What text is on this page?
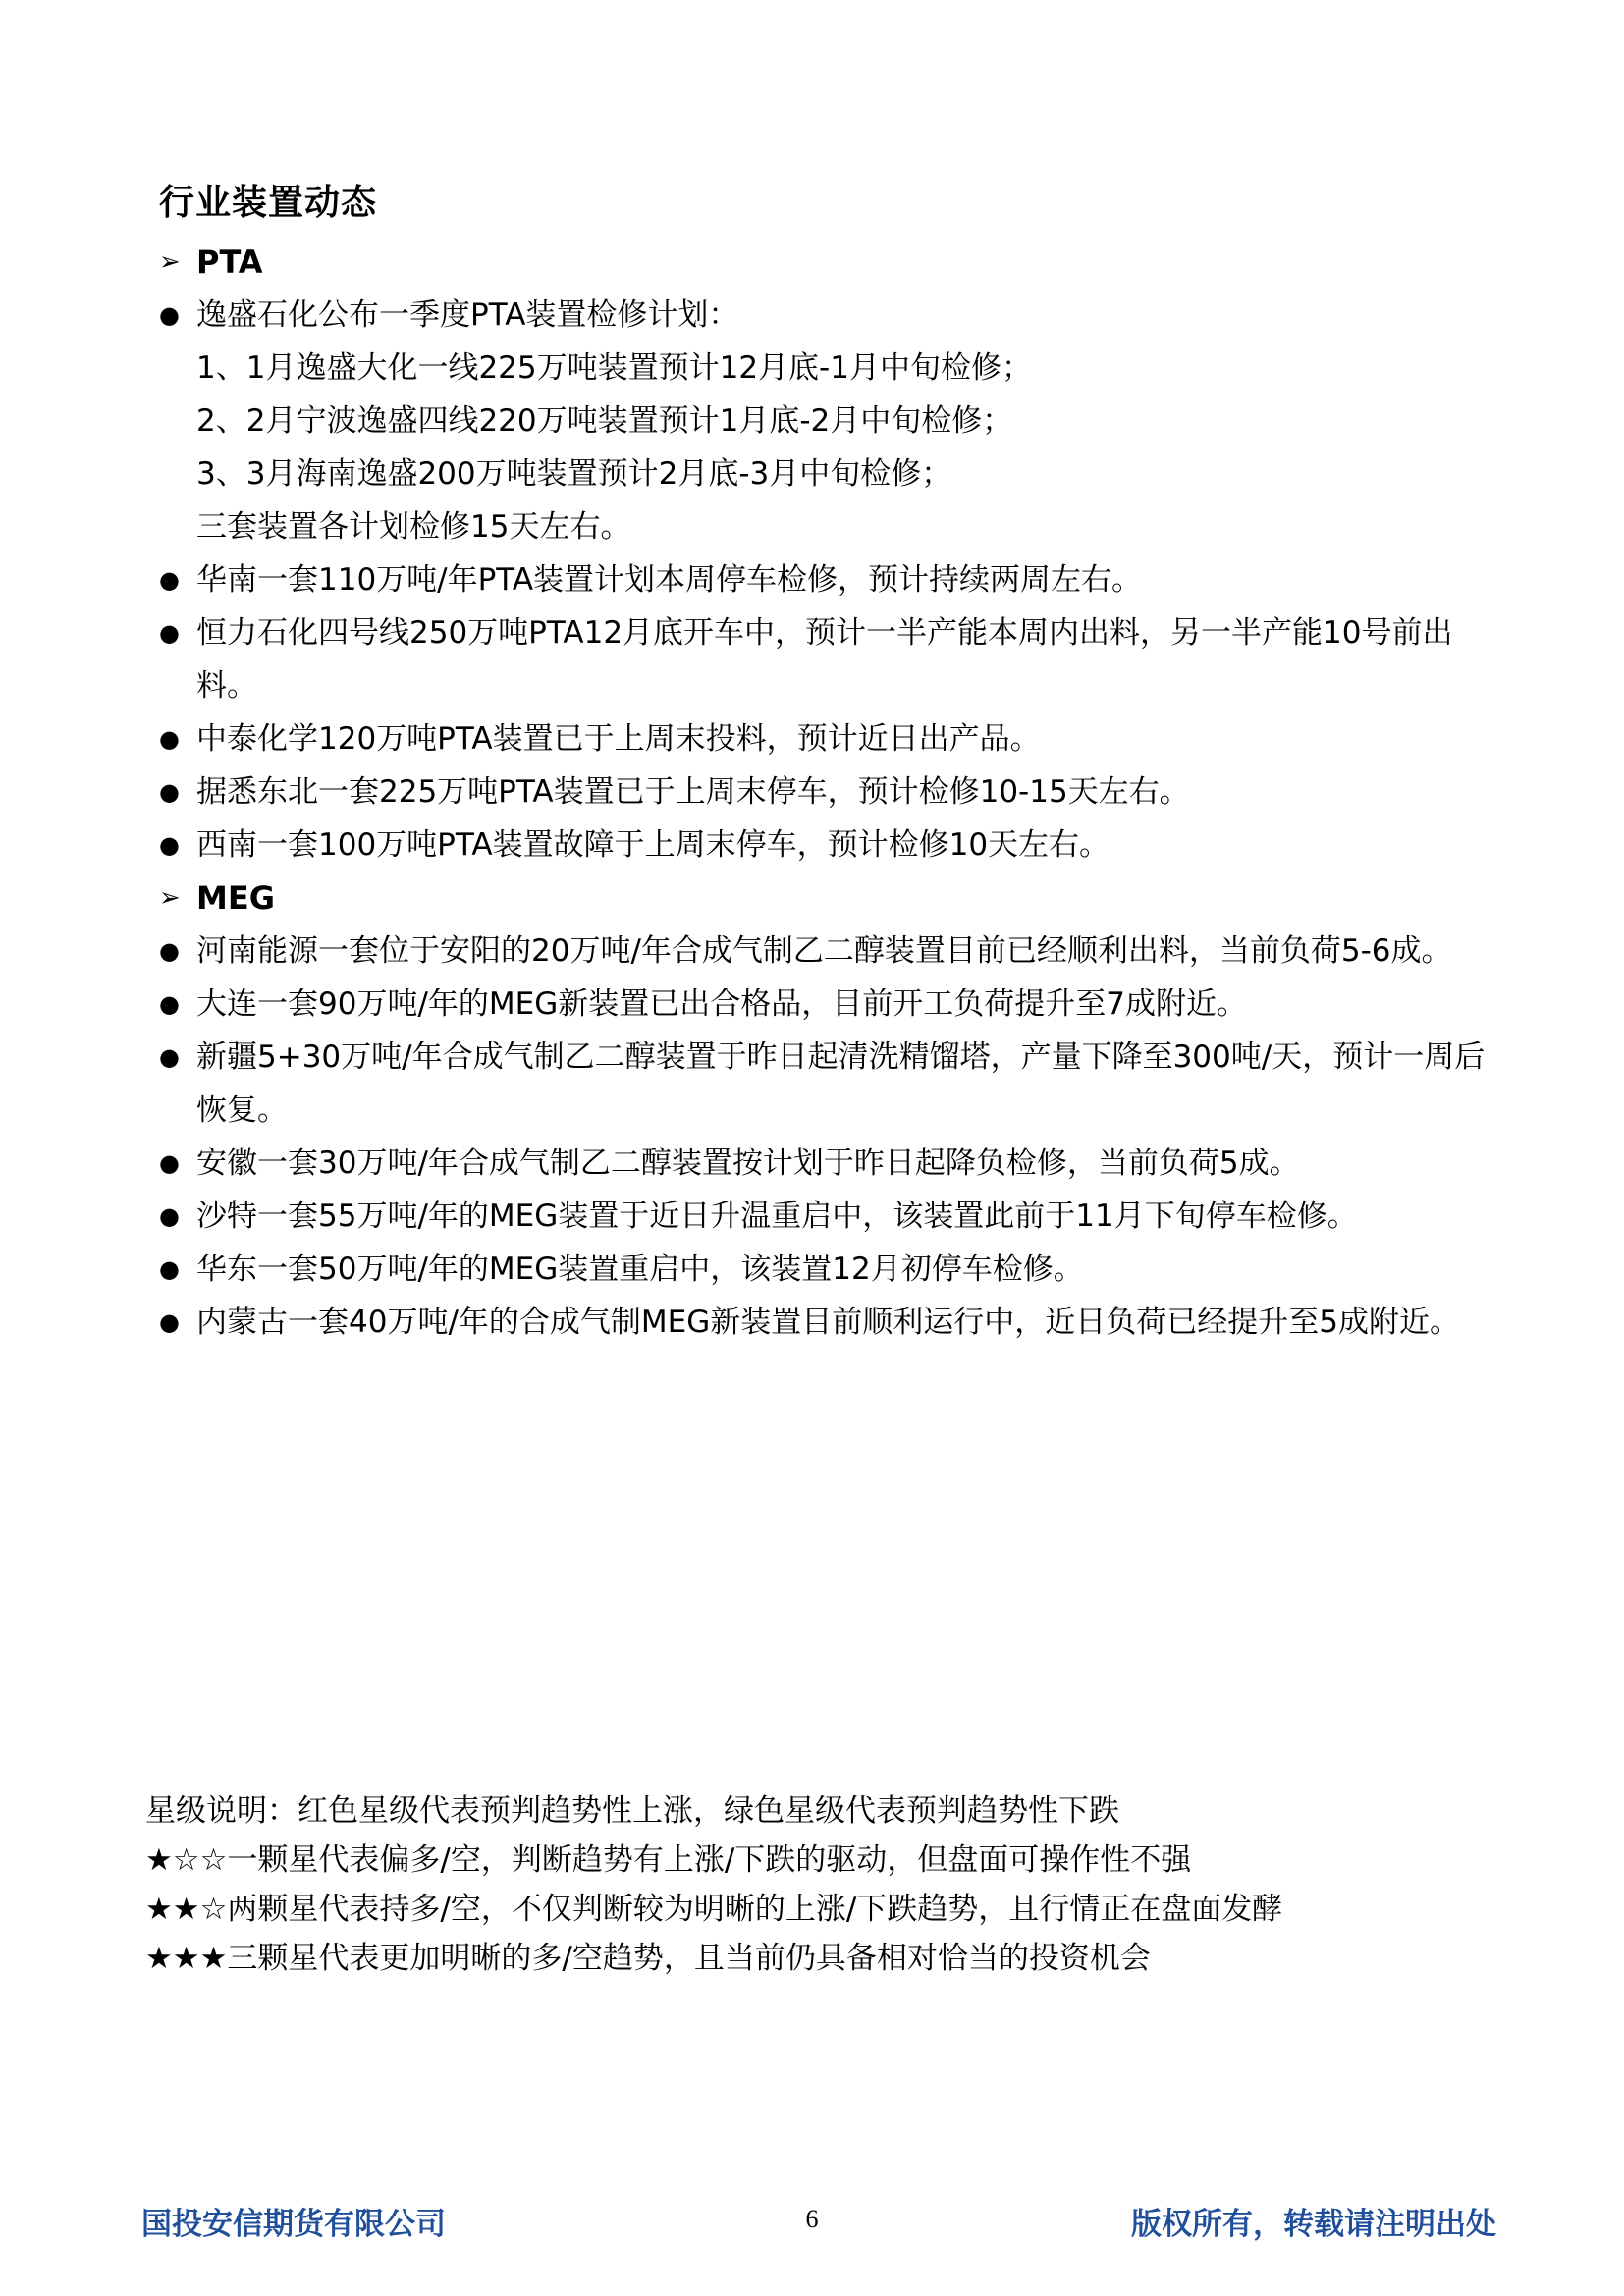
行业装置动态
➢ PTA
●
逸盛石化公布一季度PTA装置检修计划：
1、1月逸盛大化一线225万吨装置预计12月底-1月中旬检修；
2、2月宁波逸盛四线220万吨装置预计1月底-2月中旬检修；
3、3月海南逸盛200万吨装置预计2月底-3月中旬检修；
三套装置各计划检修15天左右。
●
华南一套110万吨/年PTA装置计划本周停车检修，预计持续两周左右。
●
恒力石化四号线250万吨PTA12月底开车中，预计一半产能本周内出料，另一半产能10号前出料。
●
中泰化学120万吨PTA装置已于上周末投料，预计近日出产品。
●
据悉东北一套225万吨PTA装置已于上周末停车，预计检修10-15天左右。
●
西南一套100万吨PTA装置故障于上周末停车，预计检修10天左右。
➢ MEG
●
河南能源一套位于安阳的20万吨/年合成气制乙二醇装置目前已经顺利出料，当前负荷5-6成。
●
大连一套90万吨/年的MEG新装置已出合格品，目前开工负荷提升至7成附近。
●
新疆5+30万吨/年合成气制乙二醇装置于昨日起清洗精馏塔，产量下降至300吨/天，预计一周后恢复。
●
安徽一套30万吨/年合成气制乙二醇装置按计划于昨日起降负检修，当前负荷5成。
●
沙特一套55万吨/年的MEG装置于近日升温重启中，该装置此前于11月下旬停车检修。
●
华东一套50万吨/年的MEG装置重启中，该装置12月初停车检修。
●
内蒙古一套40万吨/年的合成气制MEG新装置目前顺利运行中，近日负荷已经提升至5成附近。
星级说明：红色星级代表预判趋势性上涨，绿色星级代表预判趋势性下跌
★☆☆一颗星代表偏多/空，判断趋势有上涨/下跌的驱动，但盘面可操作性不强
★★☆两颗星代表持多/空，不仅判断较为明晰的上涨/下跌趋势，且行情正在盘面发酵
★★★三颗星代表更加明晰的多/空趋势，且当前仍具备相对恰当的投资机会
国投安信期货有限公司	6	版权所有，转载请注明出处
